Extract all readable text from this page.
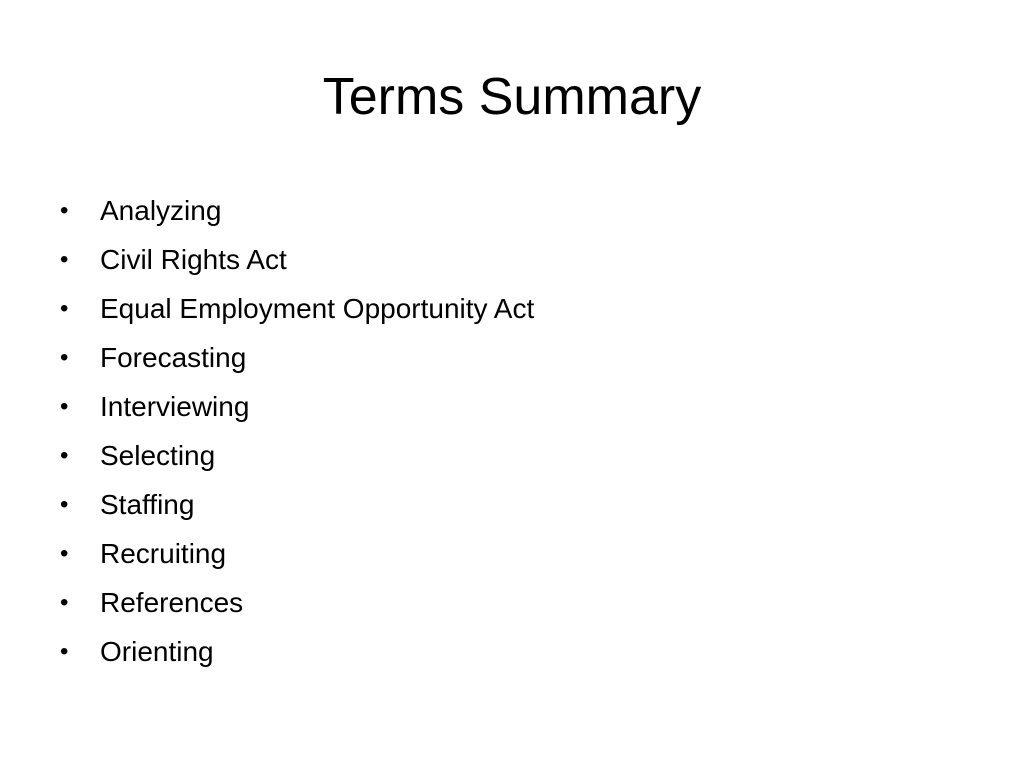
Terms Summary
•	Analyzing
•	Civil Rights Act
•	Equal Employment Opportunity Act
•	Forecasting
•	Interviewing
•	Selecting
•	Staffing
•	Recruiting
•	References
•	Orienting
